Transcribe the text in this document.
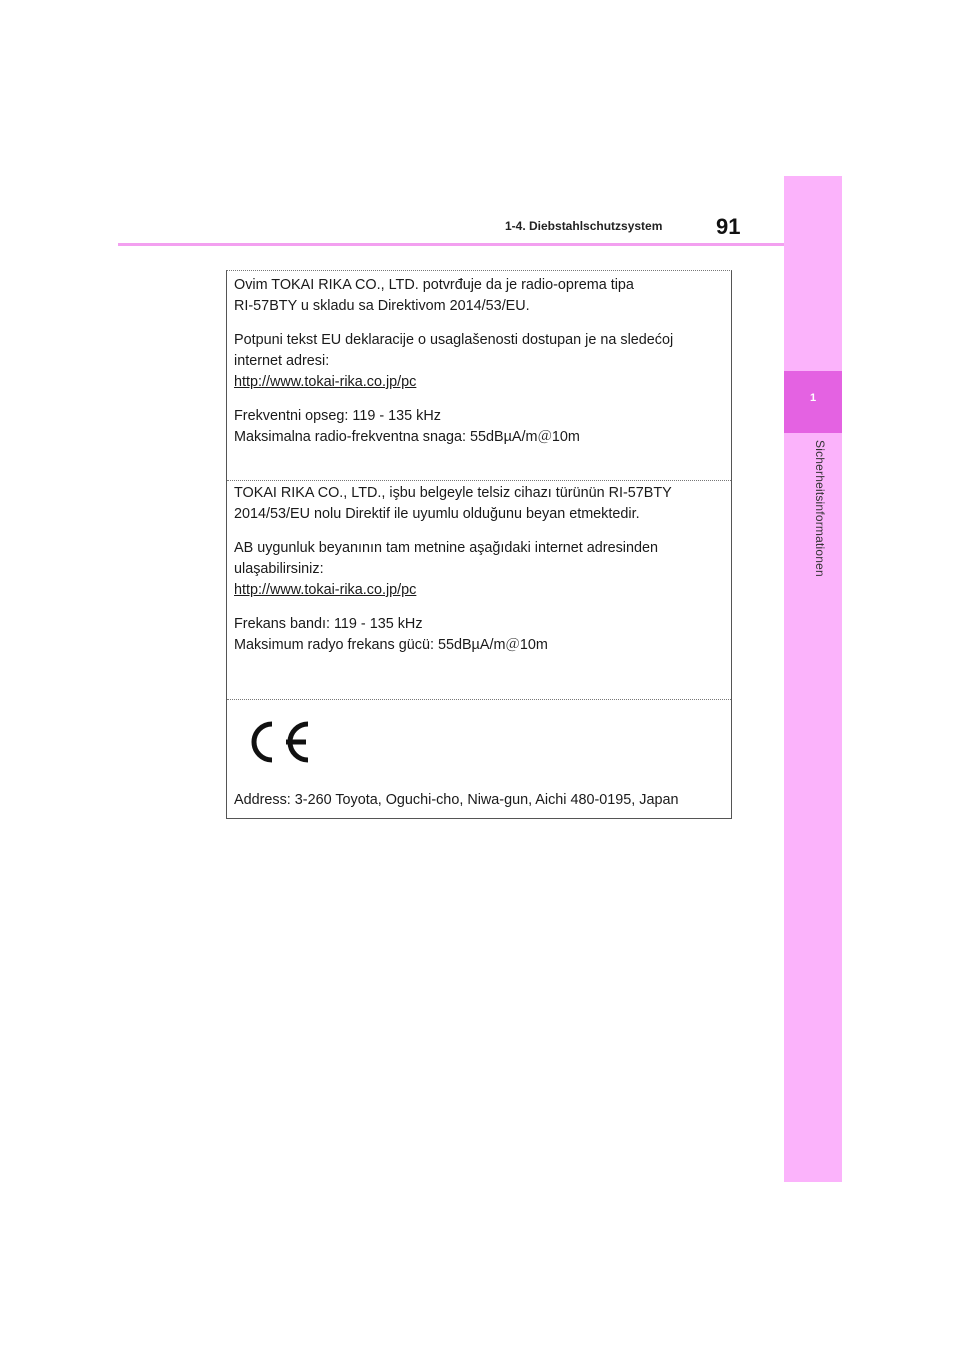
1-4. Diebstahlschutzsystem 91
1
Sicherheitsinformationen

Ovim TOKAI RIKA CO., LTD. potvrđuje da je radio-oprema tipa

RI-57BTY u skladu sa Direktivom 2014/53/EU.

Potpuni tekst EU deklaracije o usaglašenosti dostupan je na sledećoj

internet adresi:

http://www.tokai-rika.co.jp/pc

Frekventni opseg: 119 - 135 kHz

Maksimalna radio-frekventna snaga: 55dBµA/m＠10m

TOKAI RIKA CO., LTD., işbu belgeyle telsiz cihazı türünün RI-57BTY

2014/53/EU nolu Direktif ile uyumlu olduğunu beyan etmektedir.

AB uygunluk beyanının tam metnine aşağıdaki internet adresinden

ulaşabilirsiniz:

http://www.tokai-rika.co.jp/pc

Frekans bandı: 119 - 135 kHz

Maksimum radyo frekans gücü: 55dBµA/m＠10m

Address: 3-260 Toyota, Oguchi-cho, Niwa-gun, Aichi 480-0195, Japan
